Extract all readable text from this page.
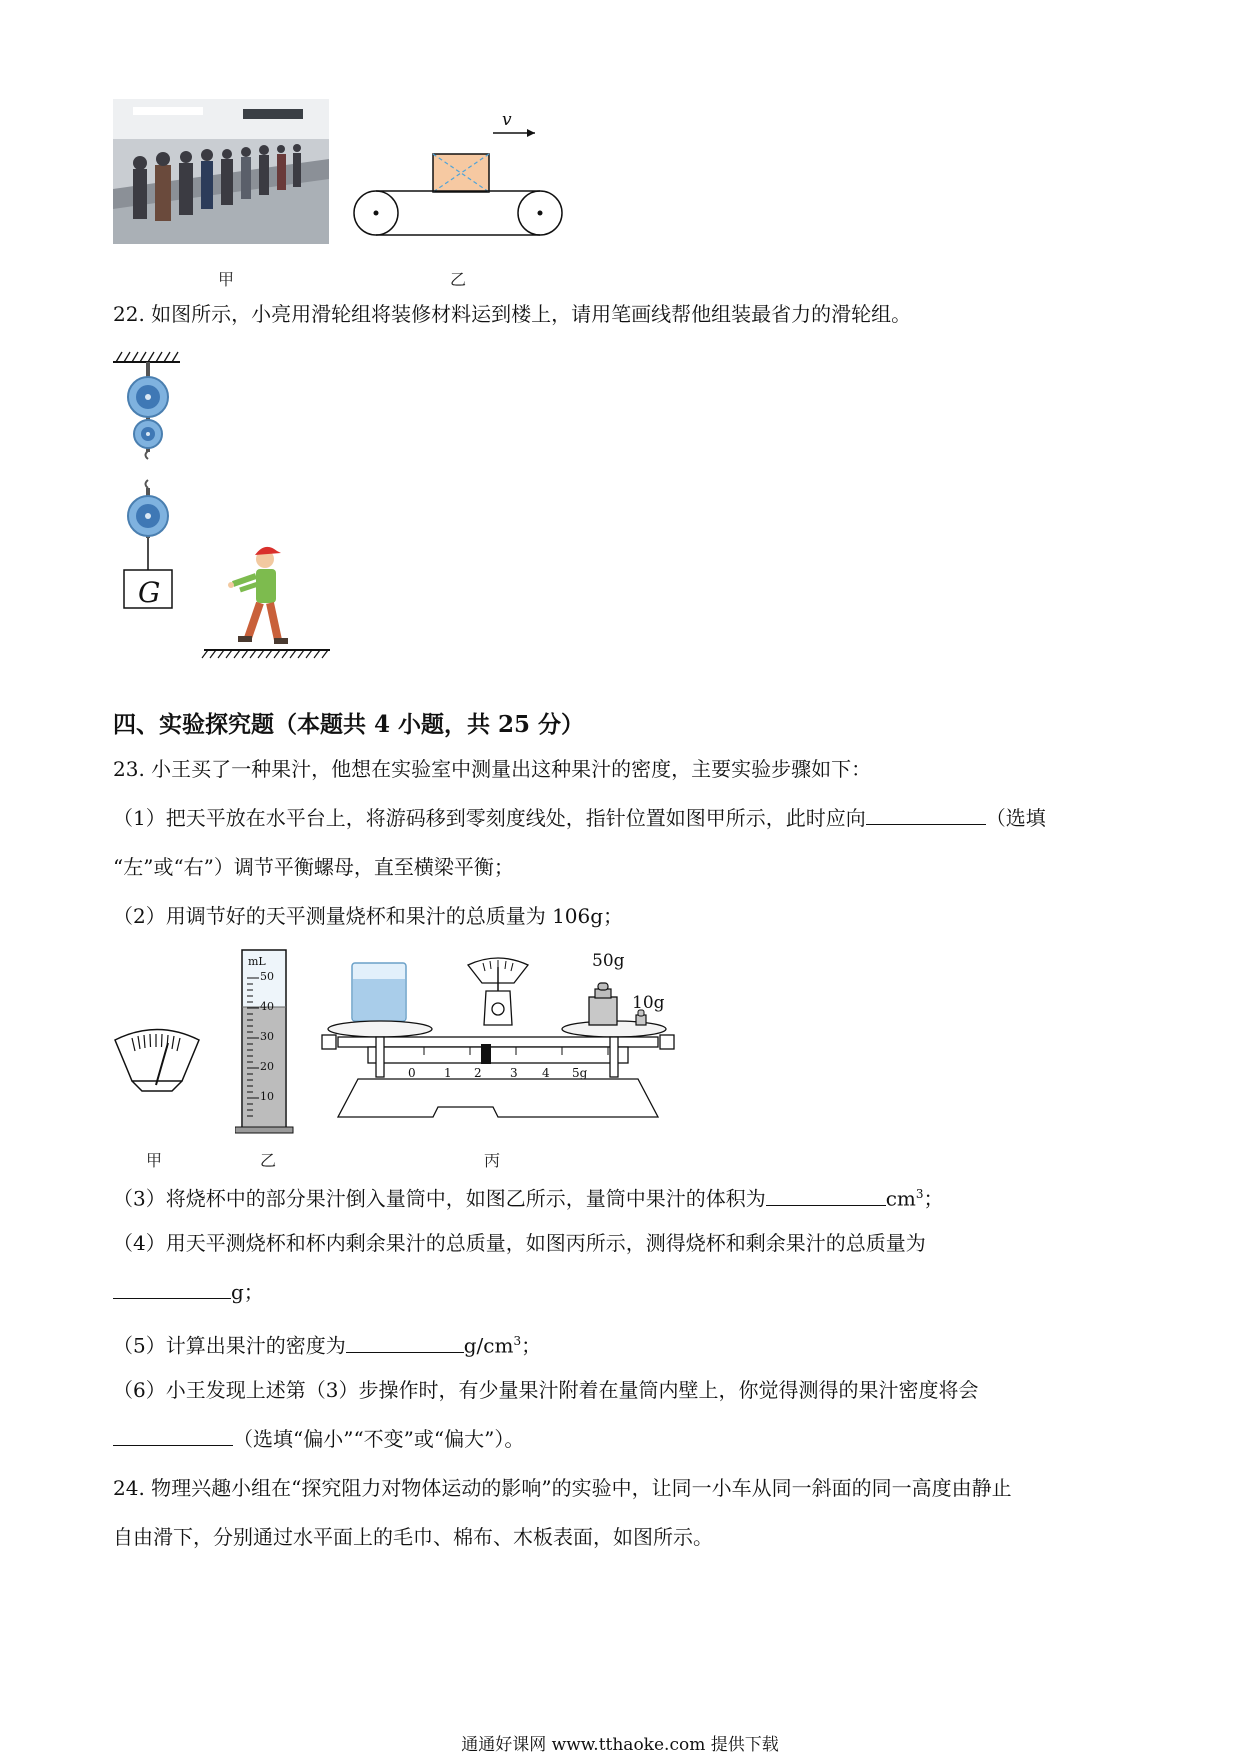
v
甲	乙
22. 如图所示，小亮用滑轮组将装修材料运到楼上，请用笔画线帮他组装最省力的滑轮组。
G
四、实验探究题（本题共 4 小题，共 25 分）
23. 小王买了一种果汁，他想在实验室中测量出这种果汁的密度，主要实验步骤如下：
（1）把天平放在水平台上，将游码移到零刻度线处，指针位置如图甲所示，此时应向	（选填
“左”或“右”）调节平衡螺母，直至横梁平衡；
（2）用调节好的天平测量烧杯和果汁的总质量为 106g；
mL
50
40
30
20
10
50g
10g
0 1 2 3 4 5g
甲	乙	丙
（3）将烧杯中的部分果汁倒入量筒中，如图乙所示，量筒中果汁的体积为	$cm^3$；
（4）用天平测烧杯和杯内剩余果汁的总质量，如图丙所示，测得烧杯和剩余果汁的总质量为
g；
（5）计算出果汁的密度为	$g/cm^3$；
（6）小王发现上述第（3）步操作时，有少量果汁附着在量筒内壁上，你觉得测得的果汁密度将会
（选填“偏小”“不变”或“偏大”）。
24. 物理兴趣小组在“探究阻力对物体运动的影响”的实验中，让同一小车从同一斜面的同一高度由静止
自由滑下，分别通过水平面上的毛巾、棉布、木板表面，如图所示。
通通好课网 www.tthaoke.com 提供下载
